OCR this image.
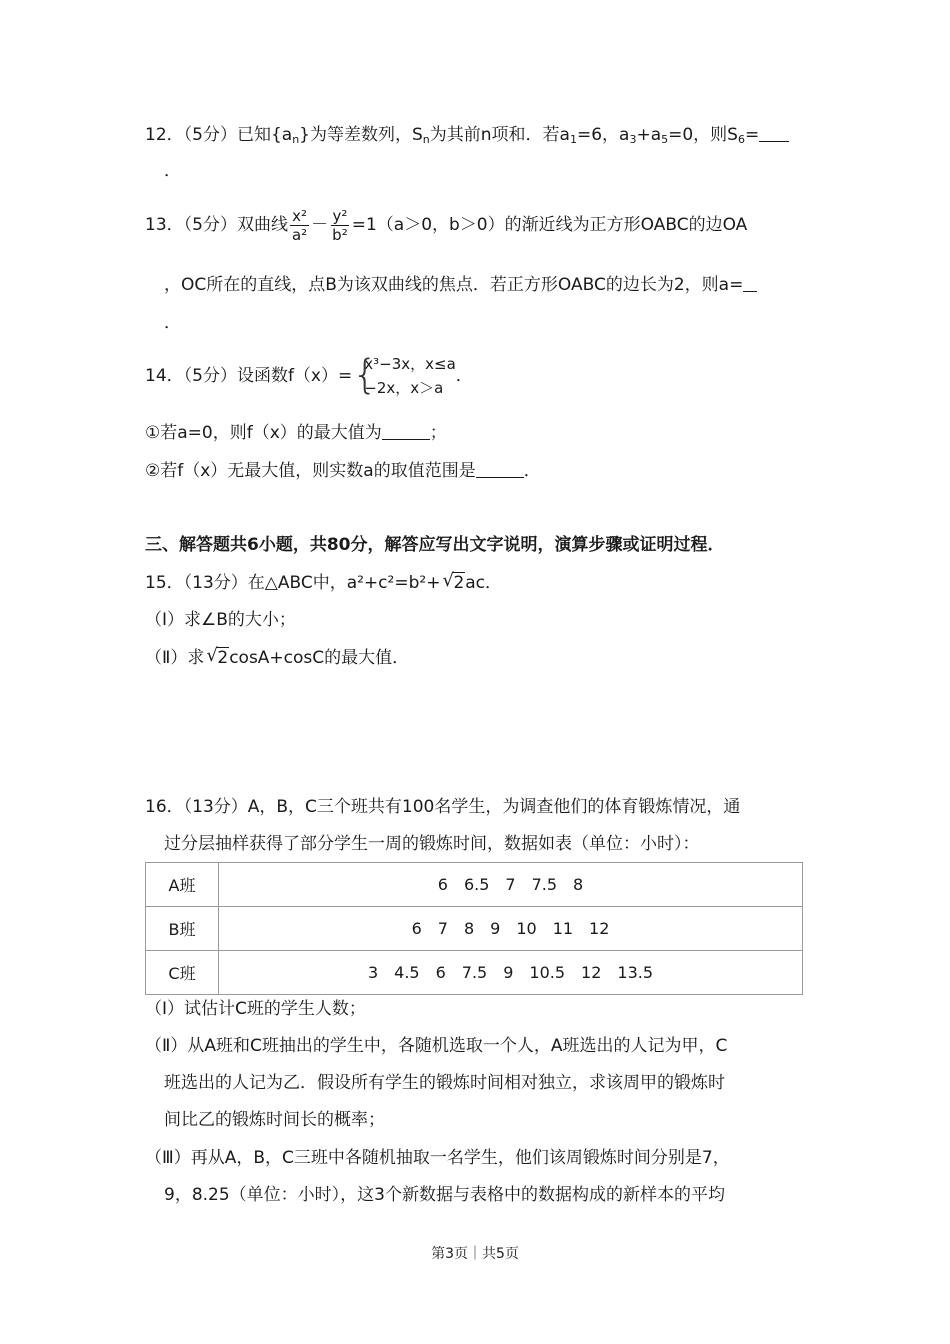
12．（5分）已知$\{a_n\}$为等差数列，$S_n$为其前n项和．若$a_1=6$，$a_3+a_5=0$，则$S_6=$
．
13．（5分）双曲线 $\frac{\text{x²}}{\text{a²}} - \frac{\text{y²}}{\text{b²}} =1(a>0$，b＞0）的渐近线为正方形OABC的边OA
，OC所在的直线，点B为该双曲线的焦点．若正方形OABC的边长为2，则a=
．
14．（5分）设函数f（x）= {
x³−3x，x≤a
−2x，x＞a
．
①若a=0，则f（x）的最大值为	；
②若f（x）无最大值，则实数a的取值范围是	．
三、解答题共6小题，共80分，解答应写出文字说明，演算步骤或证明过程．
15．（13分）在△ABC中，a²+c²=b²+ √ 2ac．
（Ⅰ）求∠B的大小；
（Ⅱ）求 √ 2cosA+cosC的最大值．
16．（13分）A，B，C三个班共有100名学生，为调查他们的体育锻炼情况，通
过分层抽样获得了部分学生一周的锻炼时间，数据如表（单位：小时）：
A班	6 6.5 7 7.5 8
B班	6 7 8 9 10 11 12
C班	3 4.5 6 7.5 9 10.5 12 13.5
（Ⅰ）试估计C班的学生人数；
（Ⅱ）从A班和C班抽出的学生中，各随机选取一个人，A班选出的人记为甲，C
班选出的人记为乙．假设所有学生的锻炼时间相对独立，求该周甲的锻炼时
间比乙的锻炼时间长的概率；
（Ⅲ）再从A，B，C三班中各随机抽取一名学生，他们该周锻炼时间分别是7，
9，8.25（单位：小时），这3个新数据与表格中的数据构成的新样本的平均
第3页｜共5页
